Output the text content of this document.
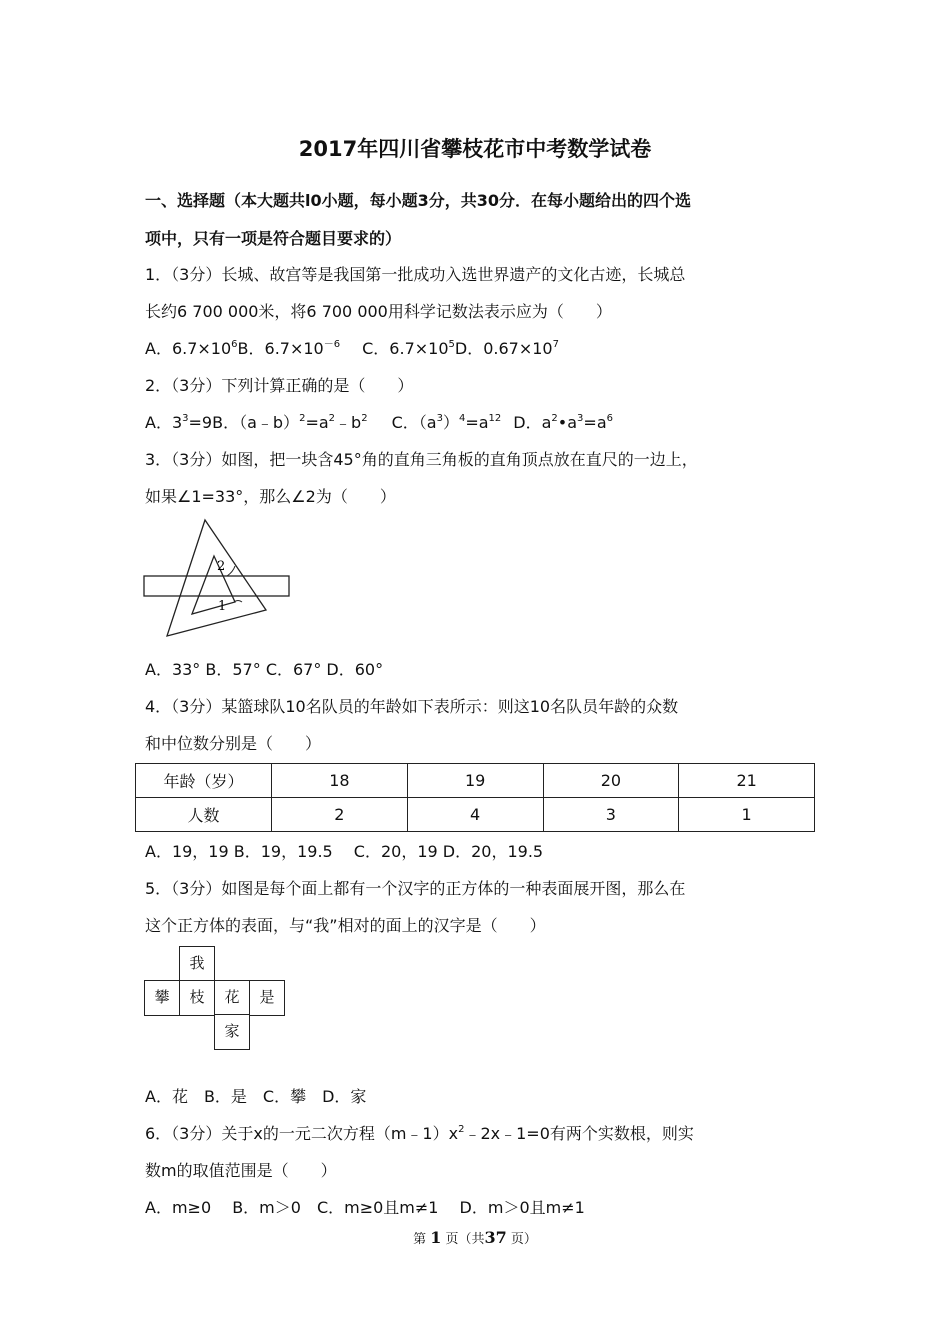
2017年四川省攀枝花市中考数学试卷
一、选择题（本大题共l0小题，每小题3分，共30分．在每小题给出的四个选
项中，只有一项是符合题目要求的）
1．（3分）长城、故宫等是我国第一批成功入选世界遗产的文化古迹，长城总
长约6 700 000米，将6 700 000用科学记数法表示应为（　　）
A．$6.7\times 10^6B$．$6.7\times 10^{-6}$ C．$6.7\times 10^5D$．$0.67\times 10^7$
2．（3分）下列计算正确的是（　　）
A．$3^3=9B$．$(a﹣b)^2=a^2﹣b^2$ C．$(a^3)^4=a^{12}$ D．$a^2•a^3=a^6$
3．（3分）如图，把一块含45°角的直角三角板的直角顶点放在直尺的一边上，
如果∠1=33°，那么∠2为（　　）
2
1
A．33° B．57° C．67° D．60°
4．（3分）某篮球队10名队员的年龄如下表所示：则这10名队员年龄的众数
和中位数分别是（　　）
年龄（岁）	18	19	20	21
人数	2	4	3	1
A．19，19 B．19，19.5　 C．20，19 D．20，19.5
5．（3分）如图是每个面上都有一个汉字的正方体的一种表面展开图，那么在
这个正方体的表面，与“我”相对的面上的汉字是（　　）
我
攀	枝	花	是
家
A．花　B．是　C．攀　D．家
6．（3分）关于x的一元二次方程$(m﹣1)x^2﹣2x﹣1=0$有两个实数根，则实
数m的取值范围是（　　）
A．m≥0　 B．m＞0　C．m≥0且m≠1　 D．m＞0且m≠1
第 1 页（共37 页）
